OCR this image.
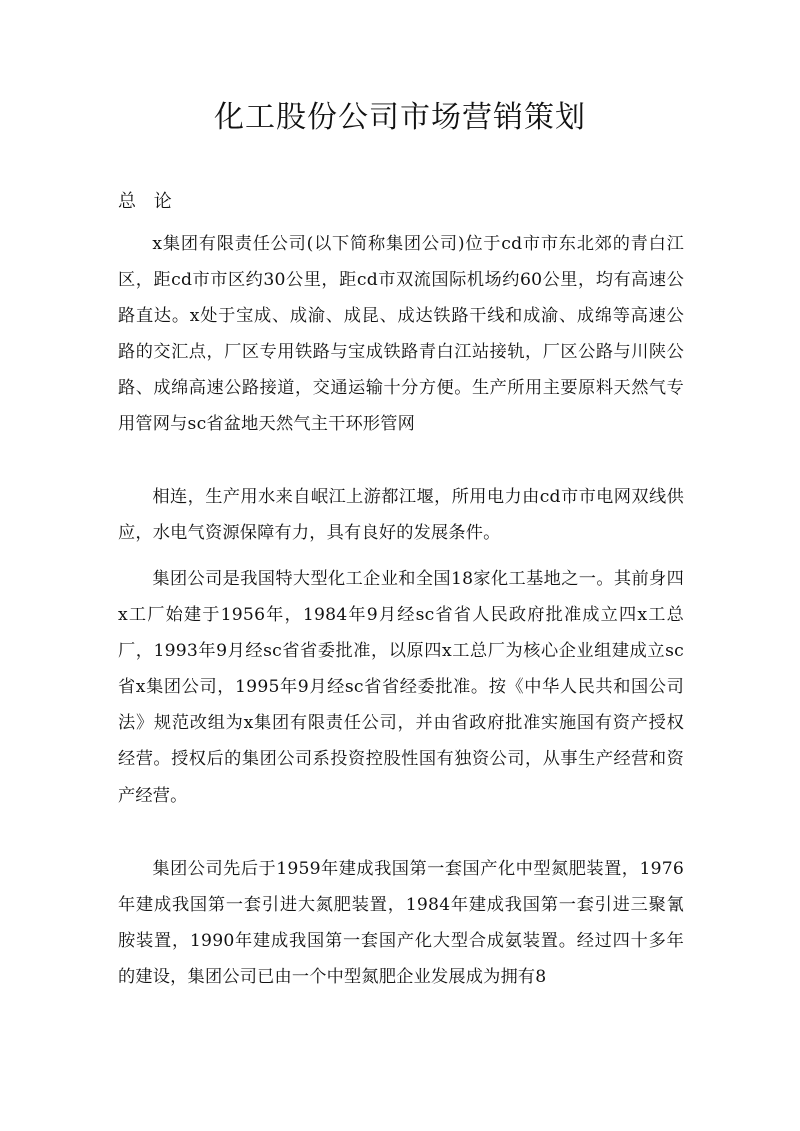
化工股份公司市场营销策划
总 论

x集团有限责任公司(以下简称集团公司)位于cd市市东北郊的青白江区，距cd市市区约30公里，距cd市双流国际机场约60公里，均有高速公路直达。x处于宝成、成渝、成昆、成达铁路干线和成渝、成绵等高速公路的交汇点，厂区专用铁路与宝成铁路青白江站接轨，厂区公路与川陕公路、成绵高速公路接道，交通运输十分方便。生产所用主要原料天然气专用管网与sc省盆地天然气主干环形管网

相连，生产用水来自岷江上游都江堰，所用电力由cd市市电网双线供应，水电气资源保障有力，具有良好的发展条件。

集团公司是我国特大型化工企业和全国18家化工基地之一。其前身四x工厂始建于1956年，1984年9月经sc省省人民政府批准成立四x工总厂，1993年9月经sc省省委批准，以原四x工总厂为核心企业组建成立sc省x集团公司，1995年9月经sc省省经委批准。按《中华人民共和国公司法》规范改组为x集团有限责任公司，并由省政府批准实施国有资产授权经营。授权后的集团公司系投资控股性国有独资公司，从事生产经营和资产经营。

集团公司先后于1959年建成我国第一套国产化中型氮肥装置，1976年建成我国第一套引进大氮肥装置，1984年建成我国第一套引进三聚氰胺装置，1990年建成我国第一套国产化大型合成氨装置。经过四十多年的建设，集团公司已由一个中型氮肥企业发展成为拥有8
